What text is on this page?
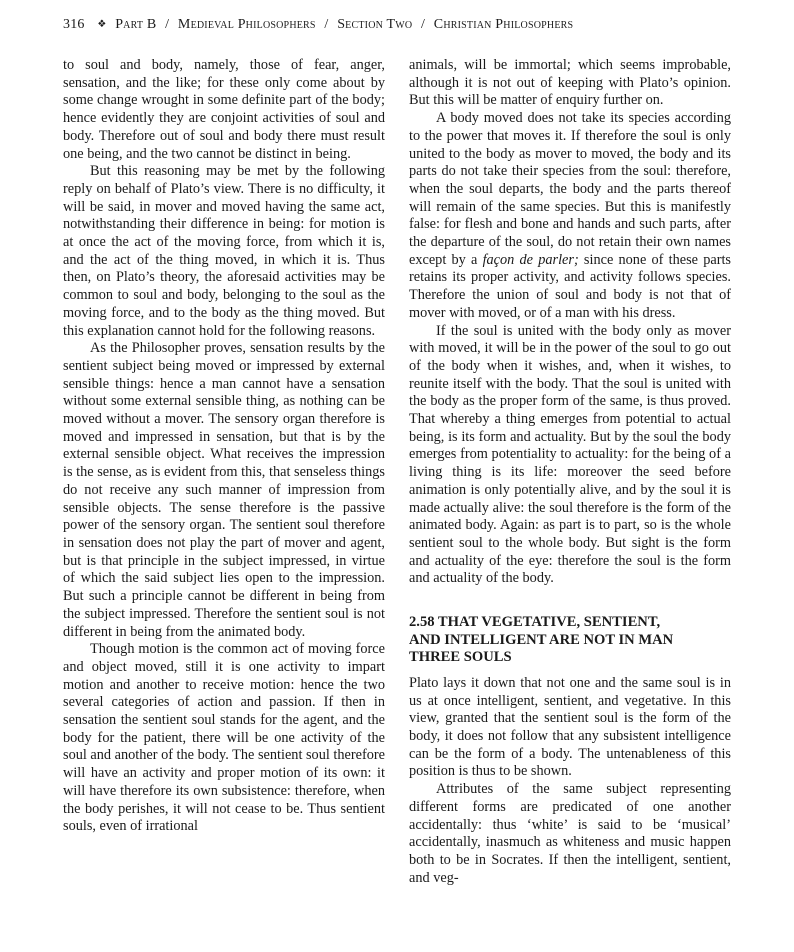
316 ❖ Part B / Medieval Philosophers / Section Two / Christian Philosophers

to soul and body, namely, those of fear, anger, sensation, and the like; for these only come about by some change wrought in some definite part of the body; hence evidently they are conjoint activities of soul and body. Therefore out of soul and body there must result one being, and the two cannot be distinct in being.

But this reasoning may be met by the following reply on behalf of Plato’s view. There is no difficulty, it will be said, in mover and moved having the same act, notwithstanding their difference in being: for motion is at once the act of the moving force, from which it is, and the act of the thing moved, in which it is. Thus then, on Plato’s theory, the aforesaid activities may be common to soul and body, belonging to the soul as the moving force, and to the body as the thing moved. But this explanation cannot hold for the following reasons.

As the Philosopher proves, sensation results by the sentient subject being moved or impressed by external sensible things: hence a man cannot have a sensation without some external sensible thing, as nothing can be moved without a mover. The sensory organ therefore is moved and impressed in sensation, but that is by the external sensible object. What receives the impression is the sense, as is evident from this, that senseless things do not receive any such manner of impression from sensible objects. The sense therefore is the passive power of the sensory organ. The sentient soul therefore in sensation does not play the part of mover and agent, but is that principle in the subject impressed, in virtue of which the said subject lies open to the impression. But such a principle cannot be different in being from the subject impressed. Therefore the sentient soul is not different in being from the animated body.

Though motion is the common act of moving force and object moved, still it is one activity to impart motion and another to receive motion: hence the two several categories of action and passion. If then in sensation the sentient soul stands for the agent, and the body for the patient, there will be one activity of the soul and another of the body. The sentient soul therefore will have an activity and proper motion of its own: it will have therefore its own subsistence: therefore, when the body perishes, it will not cease to be. Thus sentient souls, even of irrational

animals, will be immortal; which seems improbable, although it is not out of keeping with Plato’s opinion. But this will be matter of enquiry further on.

A body moved does not take its species according to the power that moves it. If therefore the soul is only united to the body as mover to moved, the body and its parts do not take their species from the soul: therefore, when the soul departs, the body and the parts thereof will remain of the same species. But this is manifestly false: for flesh and bone and hands and such parts, after the departure of the soul, do not retain their own names except by a façon de parler; since none of these parts retains its proper activity, and activity follows species. Therefore the union of soul and body is not that of mover with moved, or of a man with his dress.

If the soul is united with the body only as mover with moved, it will be in the power of the soul to go out of the body when it wishes, and, when it wishes, to reunite itself with the body. That the soul is united with the body as the proper form of the same, is thus proved. That whereby a thing emerges from potential to actual being, is its form and actuality. But by the soul the body emerges from potentiality to actuality: for the being of a living thing is its life: moreover the seed before animation is only potentially alive, and by the soul it is made actually alive: the soul therefore is the form of the animated body. Again: as part is to part, so is the whole sentient soul to the whole body. But sight is the form and actuality of the eye: therefore the soul is the form and actuality of the body.

2.58 THAT VEGETATIVE, SENTIENT,
AND INTELLIGENT ARE NOT IN MAN
THREE SOULS

Plato lays it down that not one and the same soul is in us at once intelligent, sentient, and vegetative. In this view, granted that the sentient soul is the form of the body, it does not follow that any subsistent intelligence can be the form of a body. The untenableness of this position is thus to be shown.

Attributes of the same subject representing different forms are predicated of one another accidentally: thus ‘white’ is said to be ‘musical’ accidentally, inasmuch as whiteness and music happen both to be in Socrates. If then the intelligent, sentient, and veg-
